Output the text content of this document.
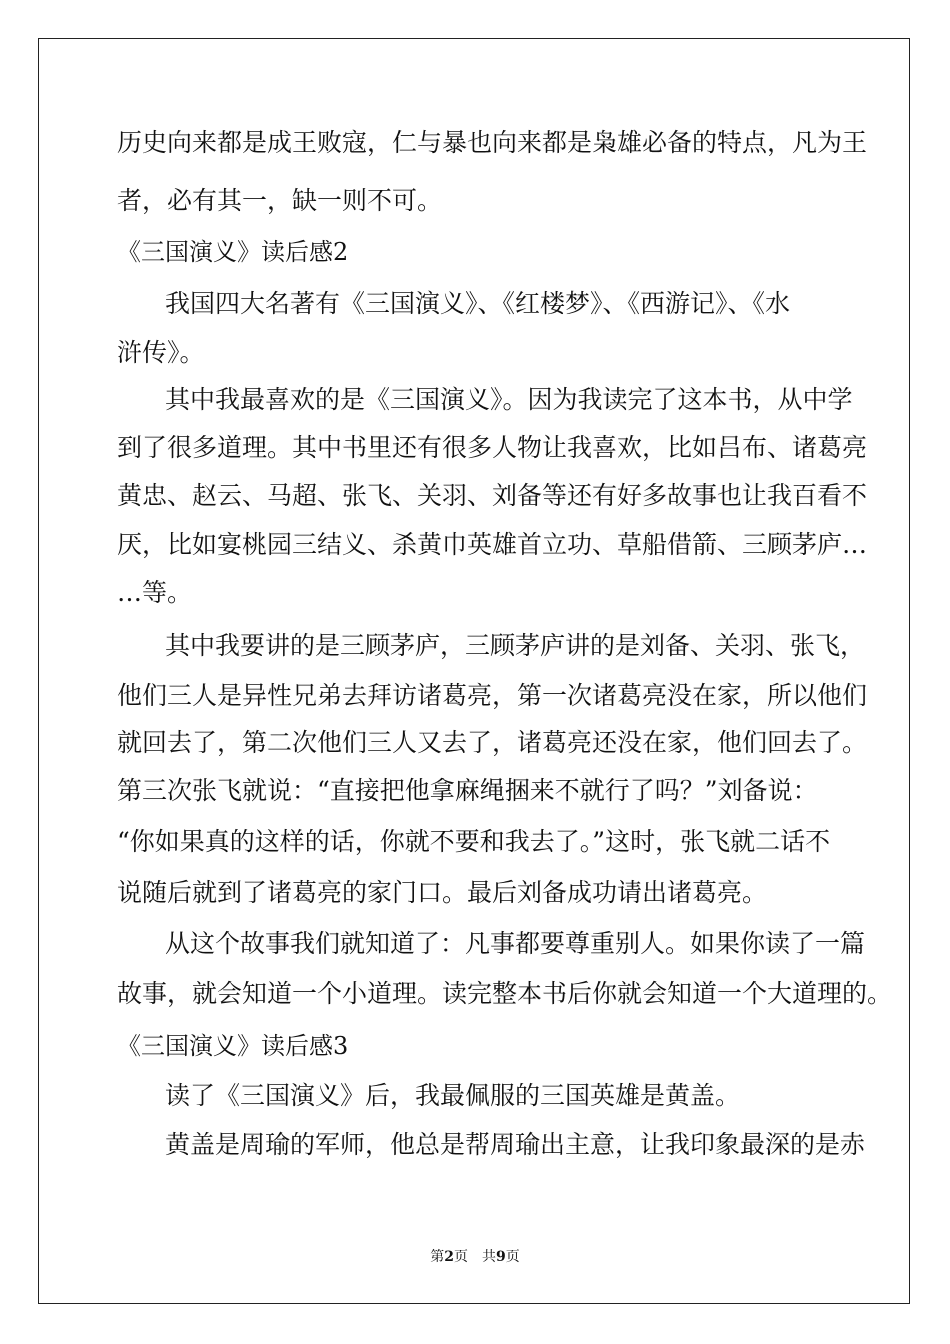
历史向来都是成王败寇，仁与暴也向来都是枭雄必备的特点，凡为王
者，必有其一，缺一则不可。
《三国演义》读后感2
我国四大名著有《三国演义》、《红楼梦》、《西游记》、《水
浒传》。
其中我最喜欢的是《三国演义》。因为我读完了这本书，从中学
到了很多道理。其中书里还有很多人物让我喜欢，比如吕布、诸葛亮
黄忠、赵云、马超、张飞、关羽、刘备等还有好多故事也让我百看不
厌，比如宴桃园三结义、杀黄巾英雄首立功、草船借箭、三顾茅庐…
…等。
其中我要讲的是三顾茅庐，三顾茅庐讲的是刘备、关羽、张飞，
他们三人是异性兄弟去拜访诸葛亮，第一次诸葛亮没在家，所以他们
就回去了，第二次他们三人又去了，诸葛亮还没在家，他们回去了。
第三次张飞就说：“直接把他拿麻绳捆来不就行了吗？”刘备说：
“你如果真的这样的话，你就不要和我去了。”这时，张飞就二话不
说随后就到了诸葛亮的家门口。最后刘备成功请出诸葛亮。
从这个故事我们就知道了：凡事都要尊重别人。如果你读了一篇
故事，就会知道一个小道理。读完整本书后你就会知道一个大道理的。
《三国演义》读后感3
读了《三国演义》后，我最佩服的三国英雄是黄盖。
黄盖是周瑜的军师，他总是帮周瑜出主意，让我印象最深的是赤
第2页　共9页
